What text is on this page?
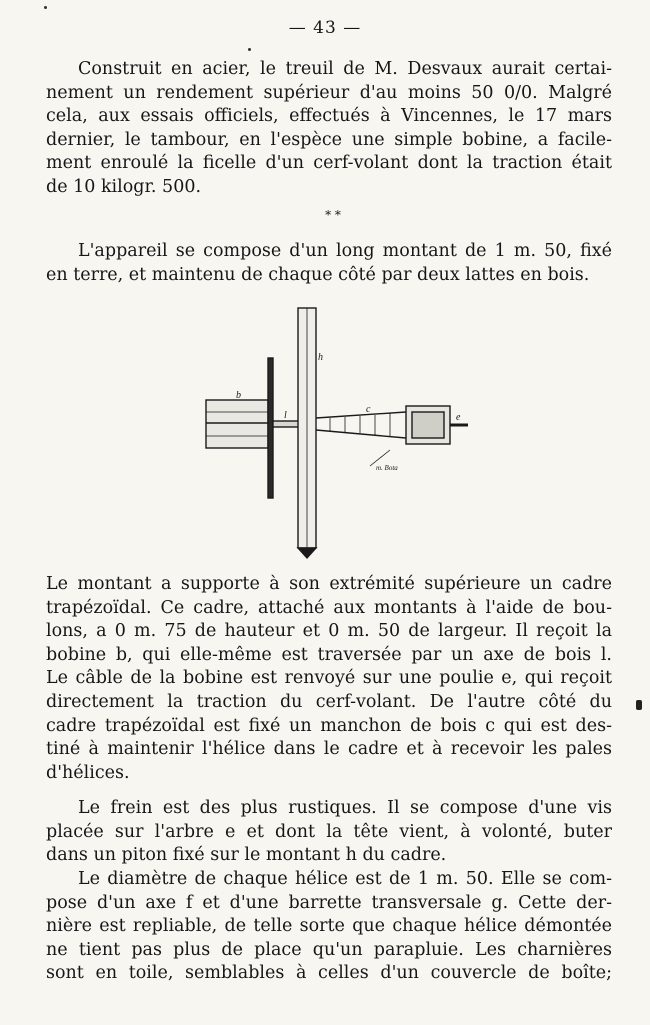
— 43 —
Construit en acier, le treuil de M. Desvaux aurait certai-
nement un rendement supérieur d'au moins 50 0/0. Malgré
cela, aux essais officiels, effectués à Vincennes, le 17 mars
dernier, le tambour, en l'espèce une simple bobine, a facile-
ment enroulé la ficelle d'un cerf-volant dont la traction était
de 10 kilogr. 500.
* *
L'appareil se compose d'un long montant de 1 m. 50, fixé
en terre, et maintenu de chaque côté par deux lattes en bois.
b
h
l
c
e
m. Bota
Le montant a supporte à son extrémité supérieure un cadre
trapézoïdal. Ce cadre, attaché aux montants à l'aide de bou-
lons, a 0 m. 75 de hauteur et 0 m. 50 de largeur. Il reçoit la
bobine b, qui elle-même est traversée par un axe de bois l.
Le câble de la bobine est renvoyé sur une poulie e, qui reçoit
directement la traction du cerf-volant. De l'autre côté du
cadre trapézoïdal est fixé un manchon de bois c qui est des-
tiné à maintenir l'hélice dans le cadre et à recevoir les pales
d'hélices.
Le frein est des plus rustiques. Il se compose d'une vis
placée sur l'arbre e et dont la tête vient, à volonté, buter
dans un piton fixé sur le montant h du cadre.
Le diamètre de chaque hélice est de 1 m. 50. Elle se com-
pose d'un axe f et d'une barrette transversale g. Cette der-
nière est repliable, de telle sorte que chaque hélice démontée
ne tient pas plus de place qu'un parapluie. Les charnières
sont en toile, semblables à celles d'un couvercle de boîte;
